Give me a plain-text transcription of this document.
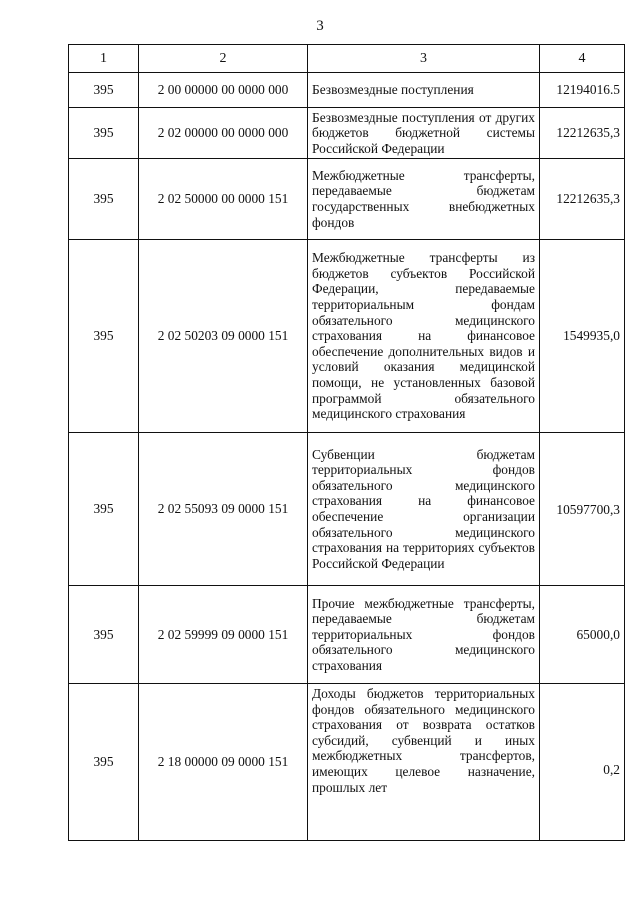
3
1	2	3	4
395	2 00 00000 00 0000 000	Безвозмездные поступления	12194016.5
395	2 02 00000 00 0000 000	Безвозмездные поступления от других бюджетов бюджетной системы Российской Федерации	12212635,3
395	2 02 50000 00 0000 151	Межбюджетные трансферты, передаваемые бюджетам государственных внебюджетных фондов	12212635,3
395	2 02 50203 09 0000 151	Межбюджетные трансферты из бюджетов субъектов Российской Федерации, передаваемые территориальным фондам обязательного медицинского страхования на финансовое обеспечение дополнительных видов и условий оказания медицинской помощи, не установленных базовой программой обязательного медицинского страхования	1549935,0
395	2 02 55093 09 0000 151	Субвенции бюджетам территориальных фондов обязательного медицинского страхования на финансовое обеспечение организации обязательного медицинского страхования на территориях субъектов Российской Федерации	10597700,3
395	2 02 59999 09 0000 151	Прочие межбюджетные трансферты, передаваемые бюджетам территориальных фондов обязательного медицинского страхования	65000,0
395	2 18 00000 09 0000 151	Доходы бюджетов территориальных фондов обязательного медицинского страхования от возврата остатков субсидий, субвенций и иных межбюджетных трансфертов, имеющих целевое назначение, прошлых лет	0,2
